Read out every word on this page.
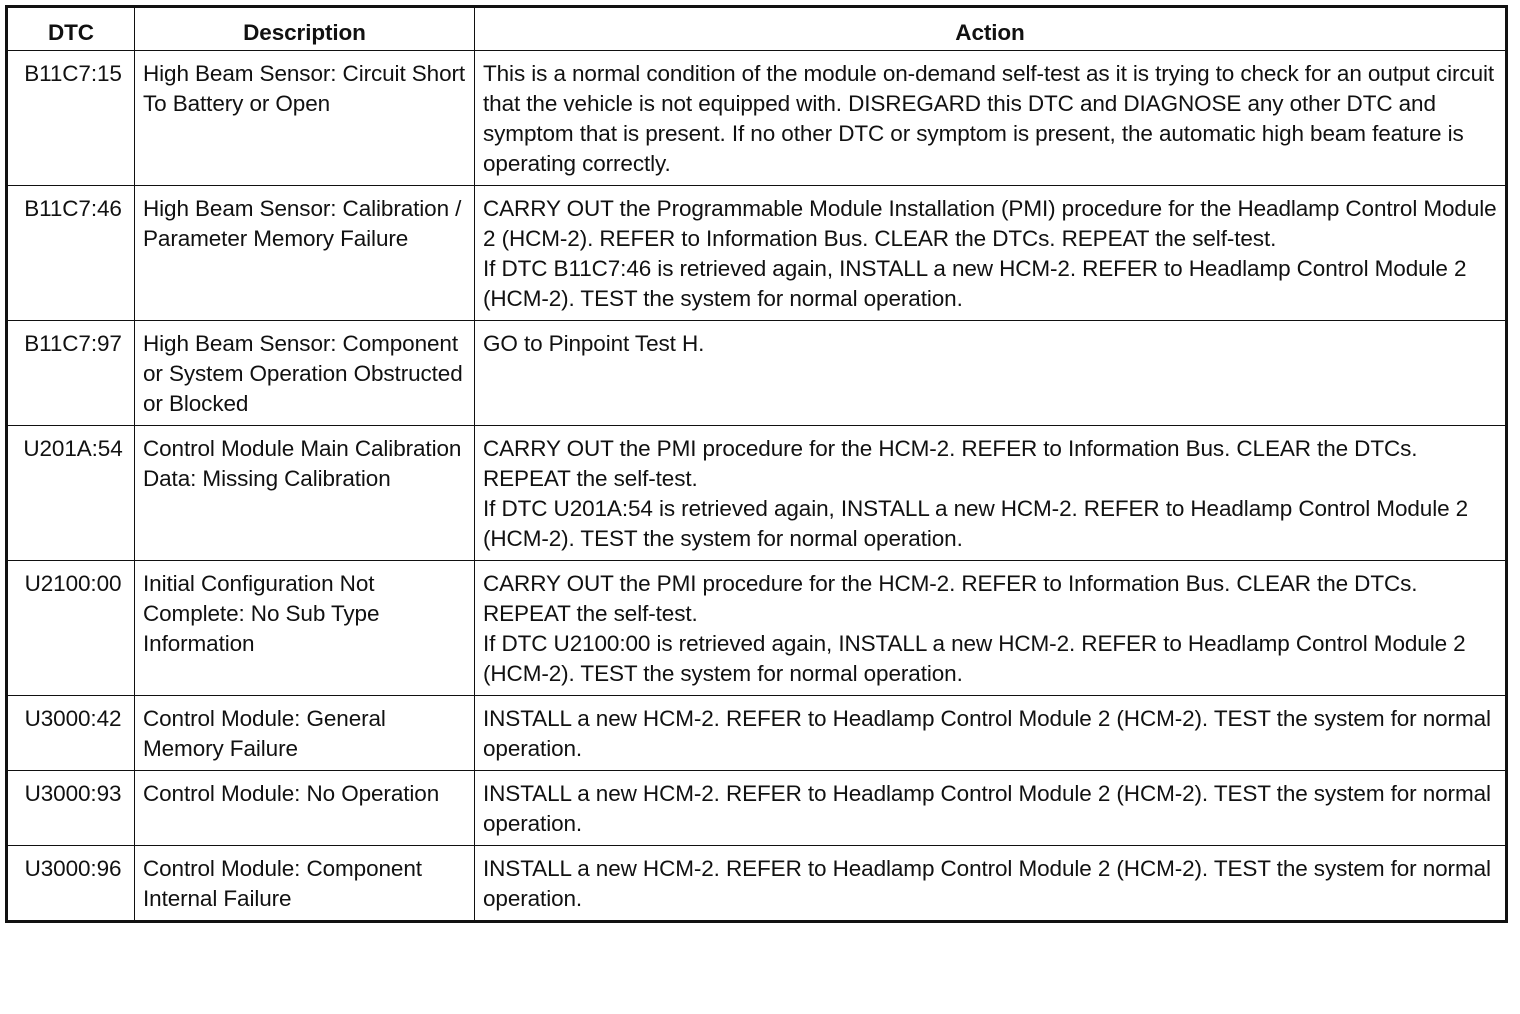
DTC	Description	Action
B11C7:15	High Beam Sensor: Circuit Short To Battery or Open	This is a normal condition of the module on-demand self-test as it is trying to check for an output circuit that the vehicle is not equipped with. DISREGARD this DTC and DIAGNOSE any other DTC and symptom that is present. If no other DTC or symptom is present, the automatic high beam feature is operating correctly.

B11C7:46	High Beam Sensor: Calibration / Parameter Memory Failure	CARRY OUT the Programmable Module Installation (PMI) procedure for the Headlamp Control Module 2 (HCM-2). REFER to Information Bus. CLEAR the DTCs. REPEAT the self-test.
If DTC B11C7:46 is retrieved again, INSTALL a new HCM-2. REFER to Headlamp Control Module 2 (HCM-2). TEST the system for normal operation.

B11C7:97	High Beam Sensor: Component or System Operation Obstructed or Blocked	GO to Pinpoint Test H.

U201A:54	Control Module Main Calibration Data: Missing Calibration	CARRY OUT the PMI procedure for the HCM-2. REFER to Information Bus. CLEAR the DTCs. REPEAT the self-test.
If DTC U201A:54 is retrieved again, INSTALL a new HCM-2. REFER to Headlamp Control Module 2 (HCM-2). TEST the system for normal operation.

U2100:00	Initial Configuration Not Complete: No Sub Type Information	CARRY OUT the PMI procedure for the HCM-2. REFER to Information Bus. CLEAR the DTCs. REPEAT the self-test.
If DTC U2100:00 is retrieved again, INSTALL a new HCM-2. REFER to Headlamp Control Module 2 (HCM-2). TEST the system for normal operation.

U3000:42	Control Module: General Memory Failure	INSTALL a new HCM-2. REFER to Headlamp Control Module 2 (HCM-2). TEST the system for normal operation.

U3000:93	Control Module: No Operation	INSTALL a new HCM-2. REFER to Headlamp Control Module 2 (HCM-2). TEST the system for normal operation.

U3000:96	Control Module: Component Internal Failure	INSTALL a new HCM-2. REFER to Headlamp Control Module 2 (HCM-2). TEST the system for normal operation.
